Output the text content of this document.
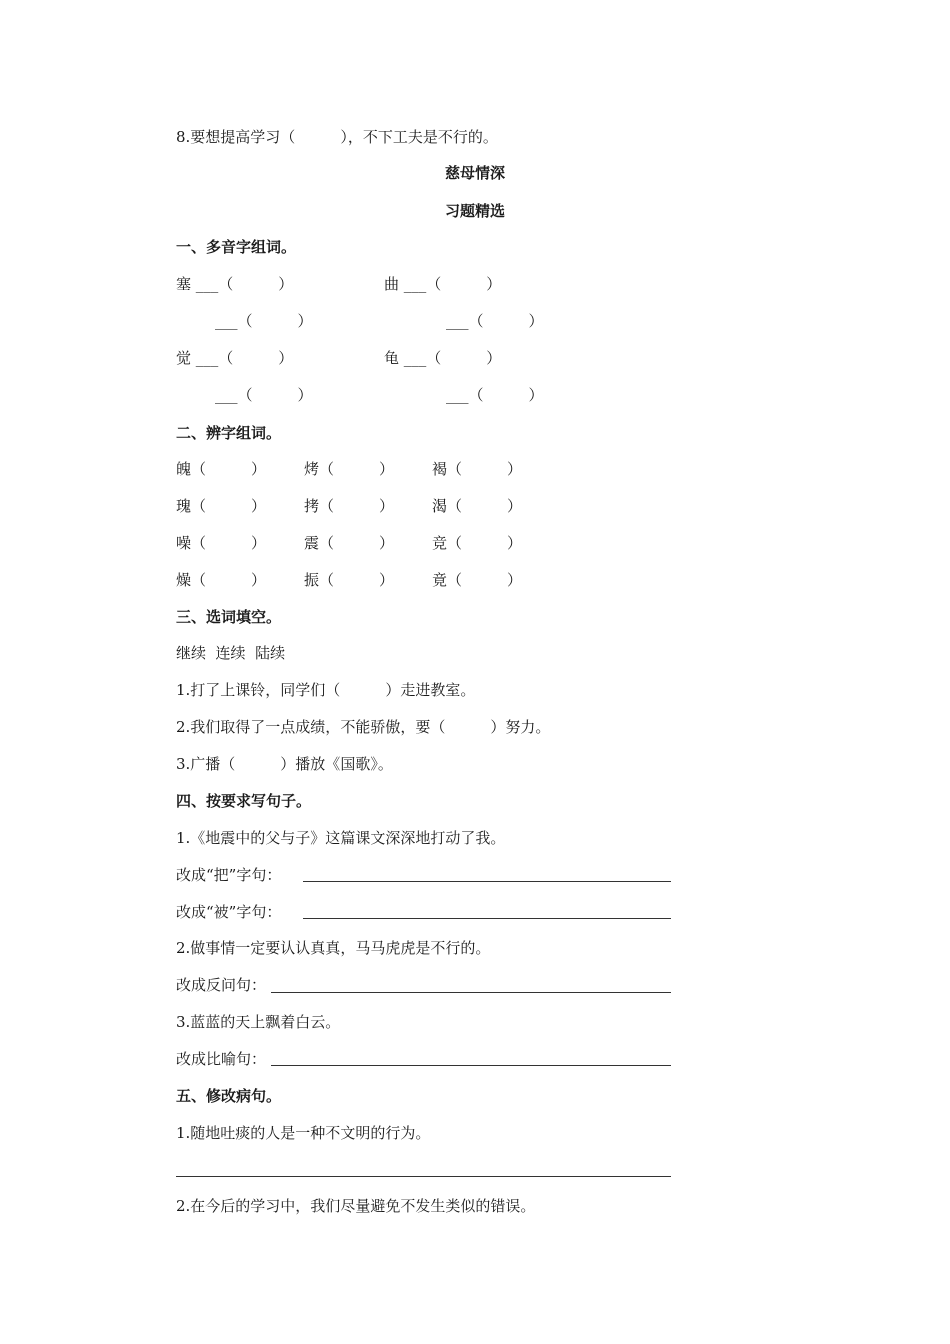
8.要想提高学习（　　　），不下工夫是不行的。
慈母情深
习题精选
一、多音字组词。
塞 ___（　　　）	曲 ___（　　　）
___（　　　）	___（　　　）
觉 ___（　　　）	龟 ___（　　　）
___（　　　）	___（　　　）
二、辨字组词。
魄（　　　）	烤（　　　）	褐（　　　）
瑰（　　　）	拷（　　　）	渴（　　　）
噪（　　　）	震（　　　）	竞（　　　）
燥（　　　）	振（　　　）	竟（　　　）
三、选词填空。
继续  连续  陆续
1.打了上课铃，同学们（　　　）走进教室。
2.我们取得了一点成绩，不能骄傲，要（　　　）努力。
3.广播（　　　）播放《国歌》。
四、按要求写句子。
1.《地震中的父与子》这篇课文深深地打动了我。
改成“把”字句：
改成“被”字句：
2.做事情一定要认认真真，马马虎虎是不行的。
改成反问句：
3.蓝蓝的天上飘着白云。
改成比喻句：
五、修改病句。
1.随地吐痰的人是一种不文明的行为。
2.在今后的学习中，我们尽量避免不发生类似的错误。
